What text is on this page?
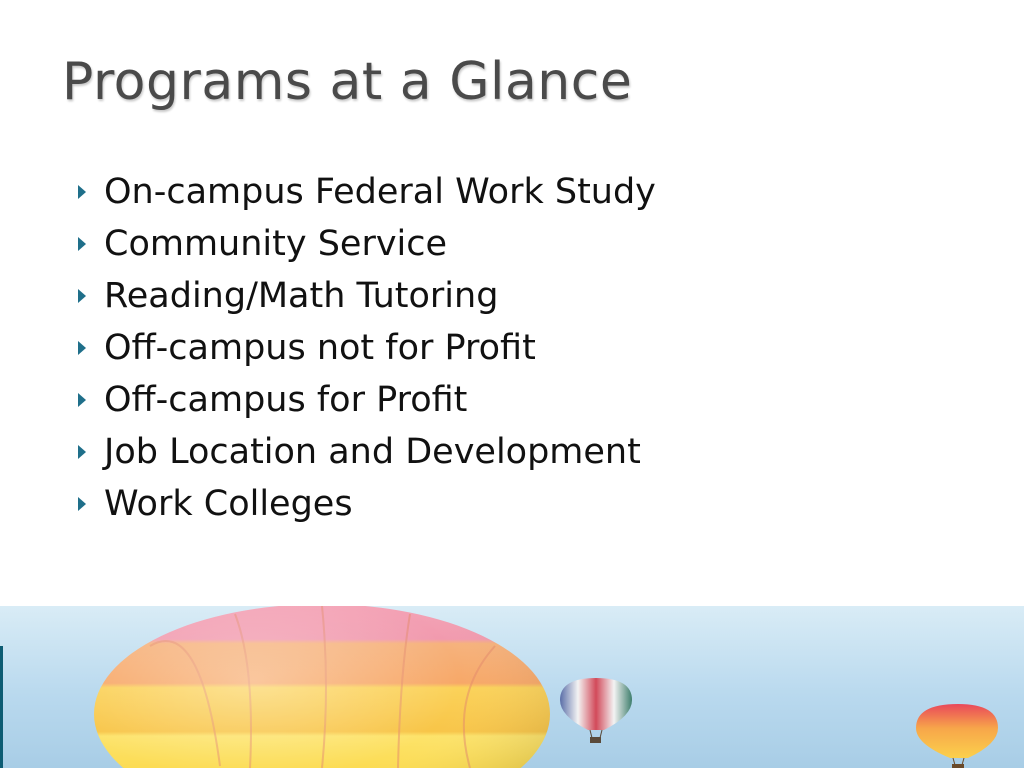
Programs at a Glance
On-campus Federal Work Study
Community Service
Reading/Math Tutoring
Off-campus not for Profit
Off-campus for Profit
Job Location and Development
Work Colleges
